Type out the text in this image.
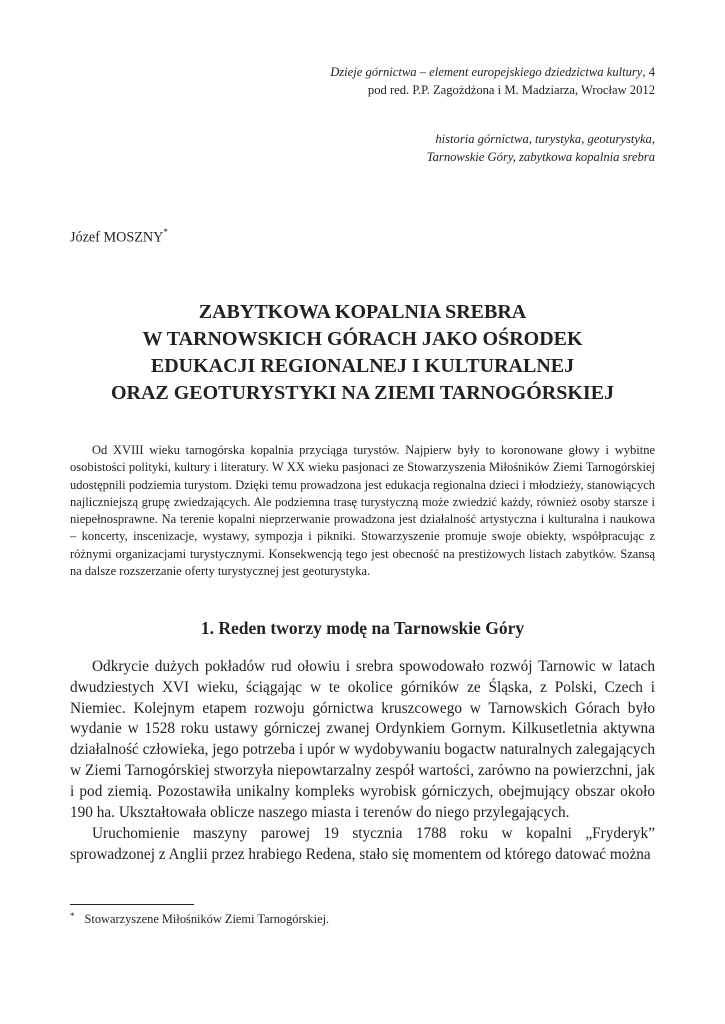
Dzieje górnictwa – element europejskiego dziedzictwa kultury, 4
pod red. P.P. Zagożdżona i M. Madziarza, Wrocław 2012
historia górnictwa, turystyka, geoturystyka,
Tarnowskie Góry, zabytkowa kopalnia srebra
Józef MOSZNY*
ZABYTKOWA KOPALNIA SREBRA
W TARNOWSKICH GÓRACH JAKO OŚRODEK
EDUKACJI REGIONALNEJ I KULTURALNEJ
ORAZ GEOTURYSTYKI NA ZIEMI TARNOGÓRSKIEJ

Od XVIII wieku tarnogórska kopalnia przyciąga turystów. Najpierw były to koronowane głowy i wybitne osobistości polityki, kultury i literatury. W XX wieku pasjonaci ze Stowarzyszenia Miłośników Ziemi Tarnogórskiej udostępnili podziemia turystom. Dzięki temu prowadzona jest edukacja regionalna dzieci i młodzieży, stanowiących najliczniejszą grupę zwiedzających. Ale podziemna trasę turystyczną może zwiedzić każdy, również osoby starsze i niepełnosprawne. Na terenie kopalni nieprzerwanie prowadzona jest działalność artystyczna i kulturalna i naukowa – koncerty, inscenizacje, wystawy, sympozja i pikniki. Stowarzyszenie promuje swoje obiekty, współpracując z różnymi organizacjami turystycznymi. Konsekwencją tego jest obecność na prestiżowych listach zabytków. Szansą na dalsze rozszerzanie oferty turystycznej jest geoturystyka.

1. Reden tworzy modę na Tarnowskie Góry

Odkrycie dużych pokładów rud ołowiu i srebra spowodowało rozwój Tarnowic w latach dwudziestych XVI wieku, ściągając w te okolice górników ze Śląska, z Polski, Czech i Niemiec. Kolejnym etapem rozwoju górnictwa kruszcowego w Tarnowskich Górach było wydanie w 1528 roku ustawy górniczej zwanej Ordynkiem Gornym. Kilkusetletnia aktywna działalność człowieka, jego potrzeba i upór w wydobywaniu bogactw naturalnych zalegających w Ziemi Tarnogórskiej stworzyła niepowtarzalny zespół wartości, zarówno na powierzchni, jak i pod ziemią. Pozostawiła unikalny kompleks wyrobisk górniczych, obejmujący obszar około 190 ha. Ukształtowała oblicze naszego miasta i terenów do niego przylegających.

Uruchomienie maszyny parowej 19 stycznia 1788 roku w kopalni „Fryderyk” sprowadzonej z Anglii przez hrabiego Redena, stało się momentem od którego datować można

* Stowarzyszene Miłośników Ziemi Tarnogórskiej.
